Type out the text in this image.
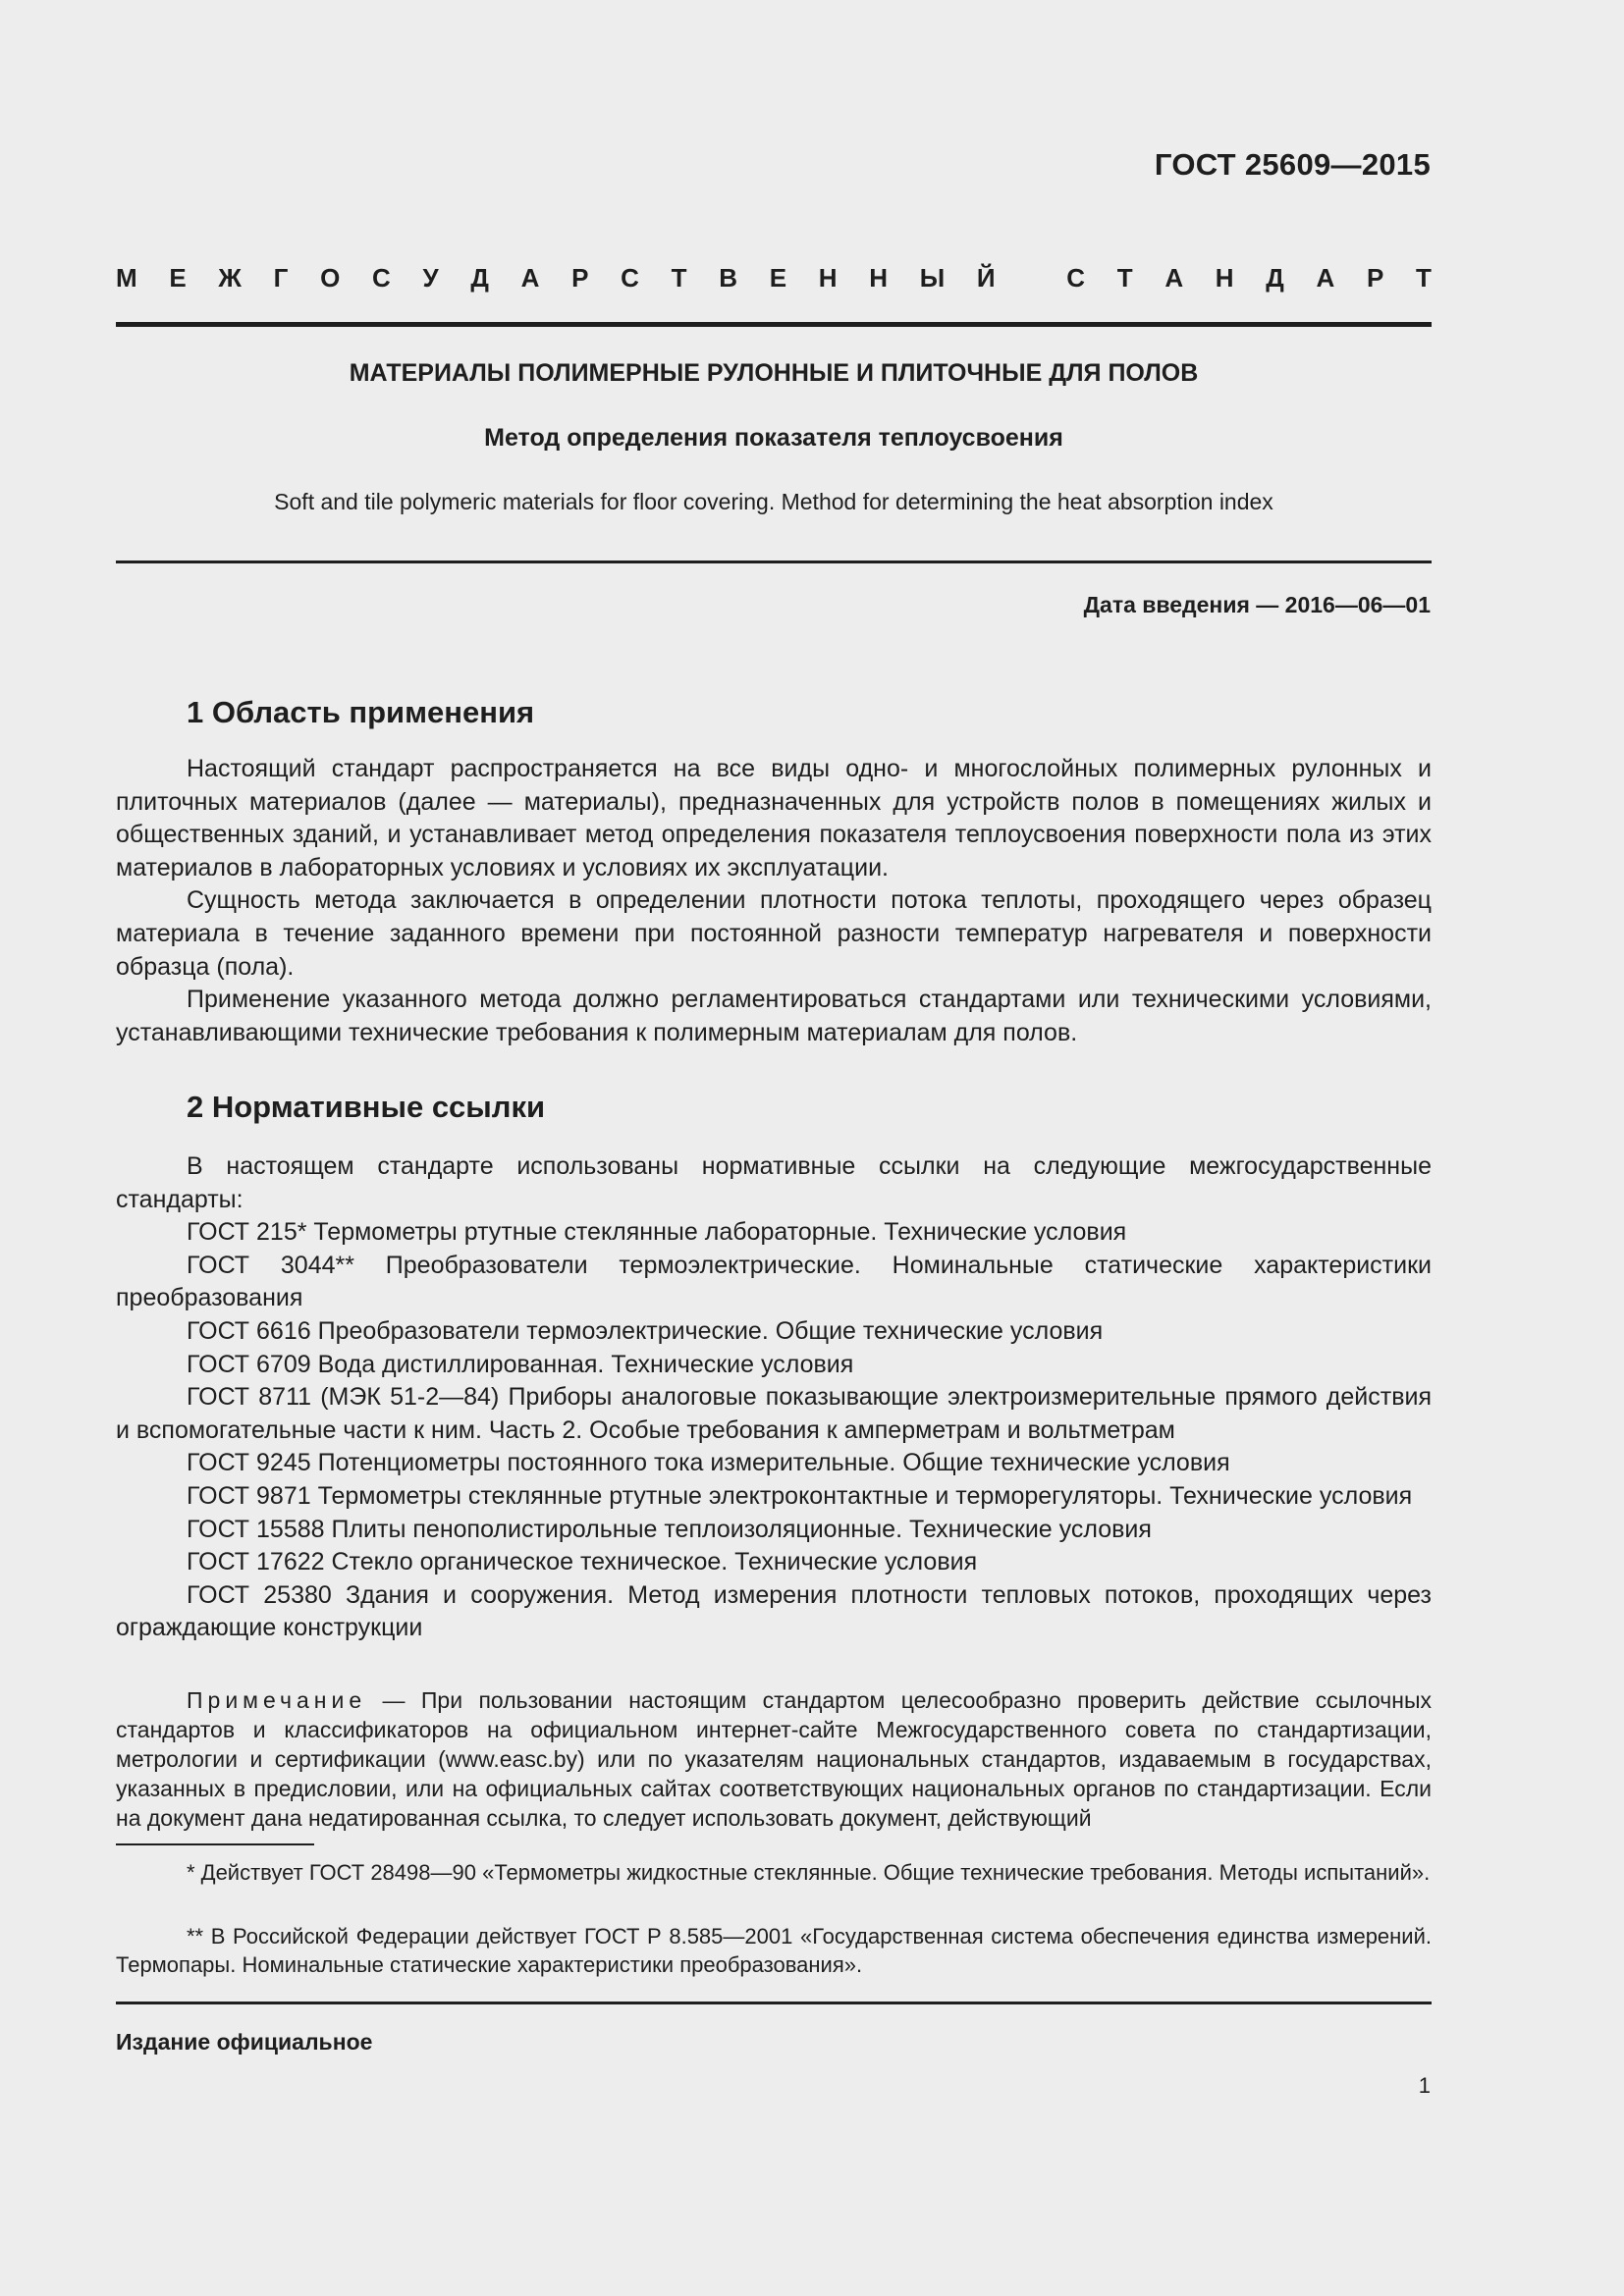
ГОСТ 25609—2015
М Е Ж Г О С У Д А Р С Т В Е Н Н Ы Й
	С Т А Н Д А Р Т
МАТЕРИАЛЫ ПОЛИМЕРНЫЕ РУЛОННЫЕ И ПЛИТОЧНЫЕ ДЛЯ ПОЛОВ
Метод определения показателя теплоусвоения
Soft and tile polymeric materials for floor covering. Method for determining the heat absorption index
Дата введения — 2016—06—01
1 Область применения

Настоящий стандарт распространяется на все виды одно- и многослойных полимерных рулонных и плиточных материалов (далее — материалы), предназначенных для устройств полов в помещениях жилых и общественных зданий, и устанавливает метод определения показателя теплоусвоения поверхности пола из этих материалов в лабораторных условиях и условиях их эксплуатации.

Сущность метода заключается в определении плотности потока теплоты, проходящего через образец материала в течение заданного времени при постоянной разности температур нагревателя и поверхности образца (пола).

Применение указанного метода должно регламентироваться стандартами или техническими условиями, устанавливающими технические требования к полимерным материалам для полов.

2 Нормативные ссылки

В настоящем стандарте использованы нормативные ссылки на следующие межгосударственные стандарты:

ГОСТ 215* Термометры ртутные стеклянные лабораторные. Технические условия

ГОСТ 3044** Преобразователи термоэлектрические. Номинальные статические характеристики преобразования

ГОСТ 6616 Преобразователи термоэлектрические. Общие технические условия

ГОСТ 6709 Вода дистиллированная. Технические условия

ГОСТ 8711 (МЭК 51-2—84) Приборы аналоговые показывающие электроизмерительные прямого действия и вспомогательные части к ним. Часть 2. Особые требования к амперметрам и вольтметрам

ГОСТ 9245 Потенциометры постоянного тока измерительные. Общие технические условия

ГОСТ 9871 Термометры стеклянные ртутные электроконтактные и терморегуляторы. Технические условия

ГОСТ 15588 Плиты пенополистирольные теплоизоляционные. Технические условия

ГОСТ 17622 Стекло органическое техническое. Технические условия

ГОСТ 25380 Здания и сооружения. Метод измерения плотности тепловых потоков, проходящих через ограждающие конструкции

Примечание — При пользовании настоящим стандартом целесообразно проверить действие ссылочных стандартов и классификаторов на официальном интернет-сайте Межгосударственного совета по стандартизации, метрологии и сертификации (www.easc.by) или по указателям национальных стандартов, издаваемым в государствах, указанных в предисловии, или на официальных сайтах соответствующих национальных органов по стандартизации. Если на документ дана недатированная ссылка, то следует использовать документ, действующий

* Действует ГОСТ 28498—90 «Термометры жидкостные стеклянные. Общие технические требования. Методы испытаний».

** В Российской Федерации действует ГОСТ Р 8.585—2001 «Государственная система обеспечения единства измерений. Термопары. Номинальные статические характеристики преобразования».

Издание официальное
1
